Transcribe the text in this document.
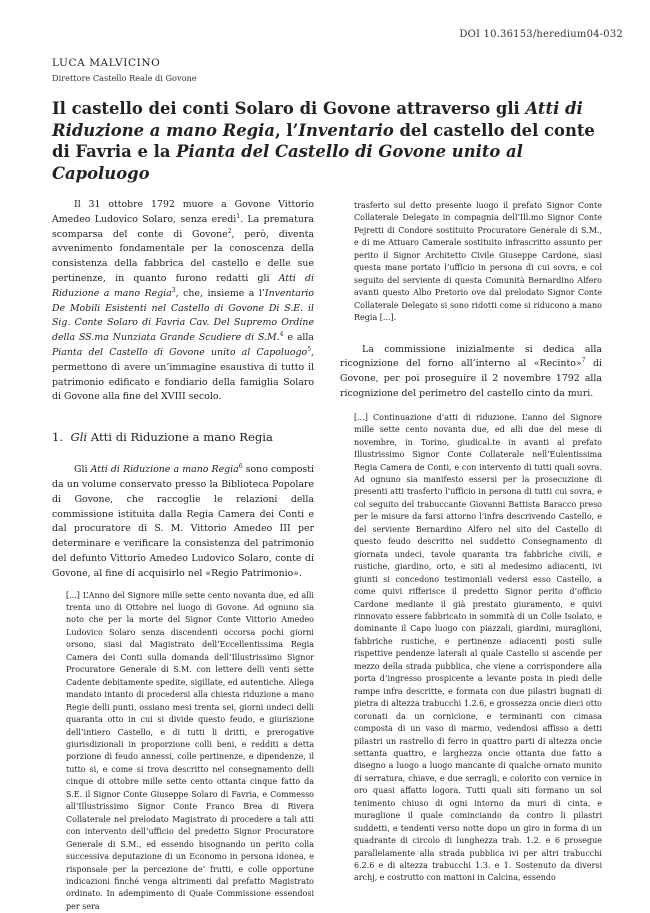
DOI 10.36153/heredium04-032
LUCA MALVICINO
Direttore Castello Reale di Govone
Il castello dei conti Solaro di Govone attraverso gli Atti di Riduzione a mano Regia, l’Inventario del castello del conte di Favria e la Pianta del Castello di Govone unito al Capoluogo

Il 31 ottobre 1792 muore a Govone Vittorio Amedeo Ludovico Solaro, senza eredi$^1$. La prematura scomparsa del conte di Govone$^2$, però, diventa avvenimento fondamentale per la conoscenza della consistenza della fabbrica del castello e delle sue pertinenze, in quanto furono redatti gli Atti di Riduzione a mano Regia$^3$, che, insieme a l’Inventario De Mobili Esistenti nel Castello di Govone Di S.E. il Sig. Conte Solaro di Favria Cav. Del Supremo Ordine della SS.ma Nunziata Grande Scudiere di S.M.$^4$ e alla Pianta del Castello di Govone unito al Capoluogo$^5$, permettono di avere un’immagine esaustiva di tutto il patrimonio edificato e fondiario della famiglia Solaro di Govone alla fine del XVIII secolo.

1. Gli Atti di Riduzione a mano Regia

Gli Atti di Riduzione a mano Regia$^6$ sono composti da un volume conservato presso la Biblioteca Popolare di Govone, che raccoglie le relazioni della commissione istituita dalla Regia Camera dei Conti e dal procuratore di S. M. Vittorio Amedeo III per determinare e verificare la consistenza del patrimonio del defunto Vittorio Amedeo Ludovico Solaro, conte di Govone, al fine di acquisirlo nel «Regio Patrimonio».

[...] L’Anno del Signore mille sette cento novanta due, ed alli trenta uno di Ottobre nel luogo di Govone. Ad ognuno sia noto che per la morte del Signor Conte Vittorio Amedeo Ludovico Solaro senza discendenti occorsa pochi giorni orsono, siasi dal Magistrato dell’Eccellentissima Regia Camera dei Conti sulla domanda dell’Illustrissimo Signor Procuratore Generale di S.M. con lettere delli venti sette Cadente debitamente spedite, sigillate, ed autentiche. Allega mandato intanto di procedersi alla chiesta riduzione a mano Regie delli punti, ossiano mesi trenta sei, giorni undeci delli quaranta otto in cui si divide questo feudo, e giuriszione dell’intiero Castello, e di tutti li dritti, e prerogative giurisdizionali in proporzione colli beni, e redditi a detta porzione di feudo annessi, colle pertinenze, e dipendenze, il tutto si, e come si trova descritto nel consegnamento delli cinque di ottobre mille sette cento ottanta cinque fatto da S.E. il Signor Conte Giuseppe Solaro di Favria, e Commesso all’Illustrissimo Signor Conte Franco Brea di Rivera Collaterale nel prelodato Magistrato di procedere a tali atti con intervento dell’ufficio del predetto Signor Procuratore Generale di S.M., ed essendo bisognando un perito colla successiva deputazione di un Economo in persona idonea, e risponsale per la percezione de’ frutti, e colle opportune indicazioni finché venga altrimenti dal prefatto Magistrato ordinato. In adempimento di Quale Commissione essendosi per sera

trasferto sul detto presente luogo il prefato Signor Conte Collaterale Delegato in compagnia dell’Ill.mo Signor Conte Pejretti di Condore sostituito Procuratore Generale di S.M., e di me Attuaro Camerale sostituito infrascritto assunto per perito il Signor Architetto Civile Giuseppe Cardone, siasi questa mane portato l’ufficio in persona di cui sovra, e col seguito del serviente di questa Comunità Bernardino Alfero avanti questo Albo Pretorio ove dal prelodato Signor Conte Collaterale Delegato si sono ridotti come si riducono a mano Regia [...].

La commissione inizialmente si dedica alla ricognizione del forno all’interno al «Recinto»$^7$ di Govone, per poi proseguire il 2 novembre 1792 alla ricognizione del perimetro del castello cinto da muri.

[...] Continuazione d’atti di riduzione. L’anno del Signore mille sette cento novanta due, ed alli due del mese di novembre, in Torino, giudical.te in avanti al prefato Illustrissimo Signor Conte Collaterale nell’Eulentissima Regia Camera de Conti, e con intervento di tutti quali sovra. Ad ognuno sia manifesto essersi per la prosecuzione di presenti atti trasferto l’ufficio in persona di tutti cui sovra, e col seguito del trabuccante Giovanni Battista Baracco preso per le misure da farsi attorno l’infra descrivendo Castello, e del serviente Bernardino Alfero nel sito del Castello di questo feudo descritto nel suddetto Consegnamento di giornata undeci, tavole quaranta tra fabbriche civili, e rustiche, giardino, orto, e siti al medesimo adiacenti, ivi giunti si concedono testimoniali vedersi esso Castello, a come quivi rifferisce il predetto Signor perito d’officio Cardone mediante il già prestato giuramento, e quivi rinnovato essere fabbricato in sommità di un Colle Isolato, e dominante il Capo luogo con piazzali, giardini, muraglioni, fabbriche rustiche, e pertinenze adiacenti posti sulle rispettive pendenze laterali al quale Castello si ascende per mezzo della strada pubblica, che viene a corrispondere alla porta d’ingresso prospicente a levante posta in piedi delle rampe infra descritte, e formata con due pilastri bugnati di pietra di altezza trabucchi 1.2.6, e grossezza oncie dieci otto coronati da un cornicione, e terminanti con cimasa composta di un vaso di marmo, vedendosi affisso a detti pilastri un rastrello di ferro in quattro parti di altezza oncie settanta quattro, e larghezza oncie ottanta due fatto a disegno a luogo a luogo mancante di qualche ornato munito di serratura, chiave, e due serragli, e colorito con vernice in oro quasi affatto logora. Tutti quali siti formano un sol tenimento chiuso di ogni intorno da muri di cinta, e muraglione il quale cominciando da contro li pilastri suddetti, e tendenti verso notte dopo un giro in forma di un quadrante di circolo di lunghezza trab. 1.2. e 6 prosegue parallelamente alla strada pubblica ivi per altri trabucchi 6.2.6 e di altezza trabucchi 1.3. e 1. Sostenuto da diversi archj, e costrutto con mattoni in Calcina, essendo
